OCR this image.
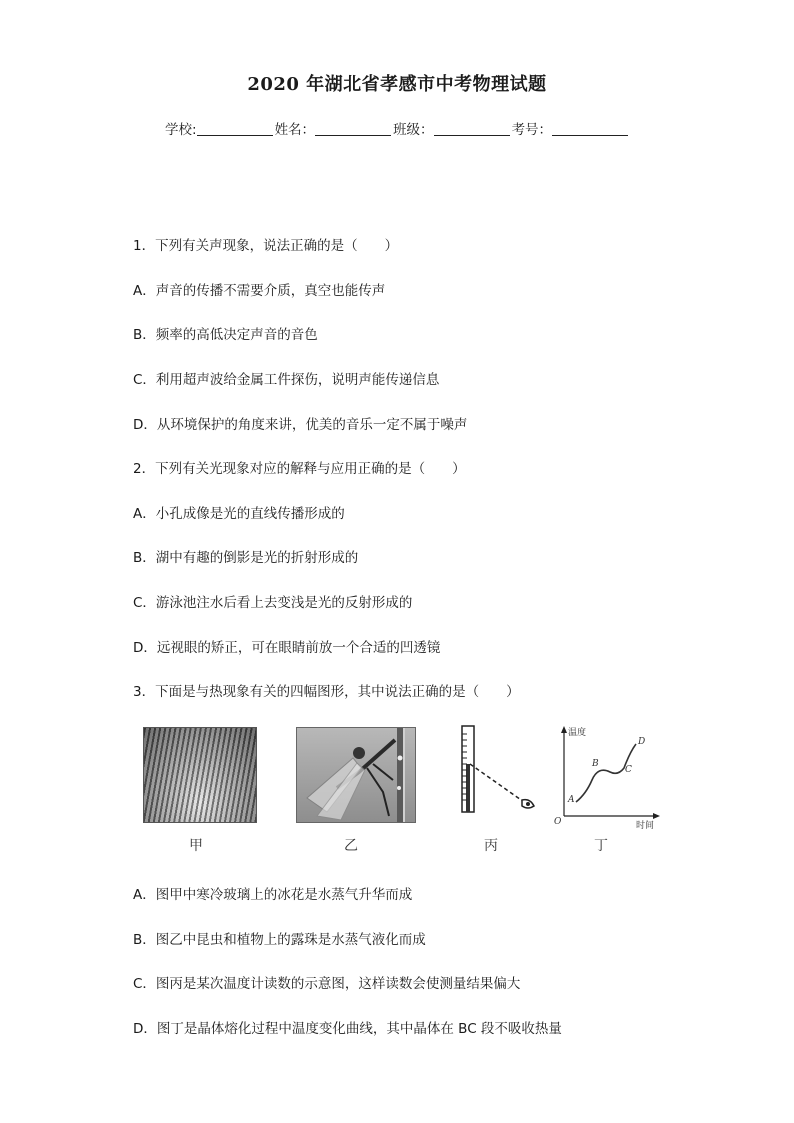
2020 年湖北省孝感市中考物理试题
学校:	姓名：	班级：	考号：
1．下列有关声现象，说法正确的是（　　）
A．声音的传播不需要介质，真空也能传声
B．频率的高低决定声音的音色
C．利用超声波给金属工件探伤，说明声能传递信息
D．从环境保护的角度来讲，优美的音乐一定不属于噪声
2．下列有关光现象对应的解释与应用正确的是（　　）
A．小孔成像是光的直线传播形成的
B．湖中有趣的倒影是光的折射形成的
C．游泳池注水后看上去变浅是光的反射形成的
D．远视眼的矫正，可在眼睛前放一个合适的凹透镜
3．下面是与热现象有关的四幅图形，其中说法正确的是（　　）
温度
时间
O
A
B
C
D
甲	乙	丙	丁
A．图甲中寒冷玻璃上的冰花是水蒸气升华而成
B．图乙中昆虫和植物上的露珠是水蒸气液化而成
C．图丙是某次温度计读数的示意图，这样读数会使测量结果偏大
D．图丁是晶体熔化过程中温度变化曲线，其中晶体在 BC 段不吸收热量
